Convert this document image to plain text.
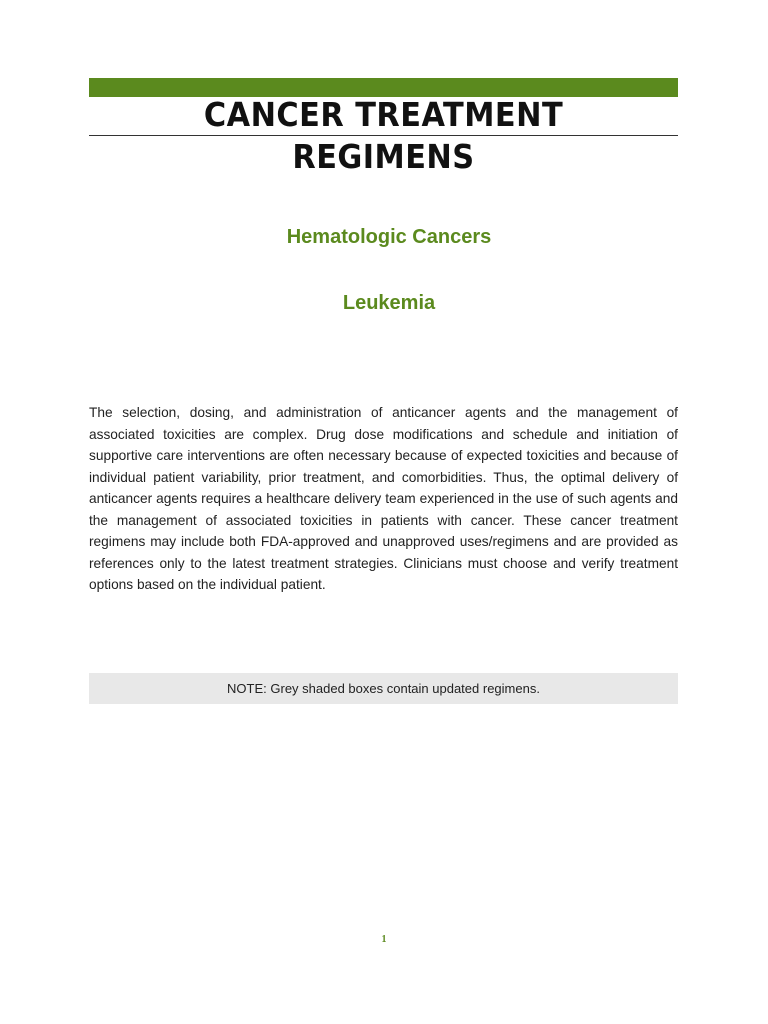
CANCER TREATMENT REGIMENS
Hematologic Cancers
Leukemia

The selection, dosing, and administration of anticancer agents and the management of associated toxicities are complex. Drug dose modifications and schedule and initiation of supportive care interventions are often necessary because of expected toxicities and because of individual patient variability, prior treatment, and comorbidities. Thus, the optimal delivery of anticancer agents requires a healthcare delivery team experienced in the use of such agents and the management of associated toxicities in patients with cancer. These cancer treatment regimens may include both FDA-approved and unapproved uses/regimens and are provided as references only to the latest treatment strategies. Clinicians must choose and verify treatment options based on the individual patient.

NOTE: Grey shaded boxes contain updated regimens.
1
